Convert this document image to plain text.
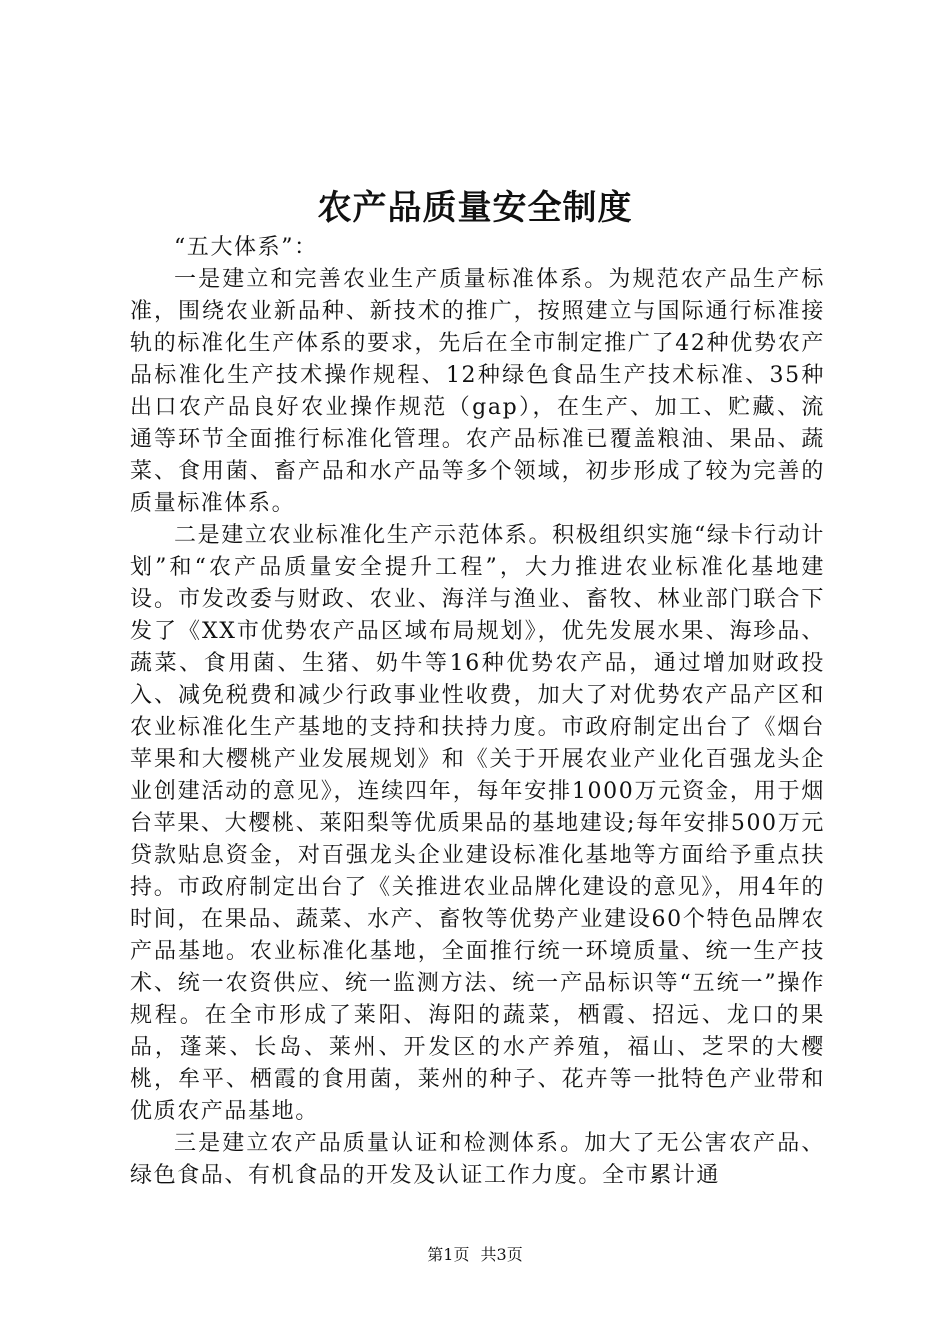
农产品质量安全制度

“五大体系”：

一是建立和完善农业生产质量标准体系。为规范农产品生产标准，围绕农业新品种、新技术的推广，按照建立与国际通行标准接轨的标准化生产体系的要求，先后在全市制定推广了42种优势农产品标准化生产技术操作规程、12种绿色食品生产技术标准、35种出口农产品良好农业操作规范（gap），在生产、加工、贮藏、流通等环节全面推行标准化管理。农产品标准已覆盖粮油、果品、蔬菜、食用菌、畜产品和水产品等多个领域，初步形成了较为完善的质量标准体系。

二是建立农业标准化生产示范体系。积极组织实施“绿卡行动计划”和“农产品质量安全提升工程”，大力推进农业标准化基地建设。市发改委与财政、农业、海洋与渔业、畜牧、林业部门联合下发了《XX市优势农产品区域布局规划》，优先发展水果、海珍品、蔬菜、食用菌、生猪、奶牛等16种优势农产品，通过增加财政投入、减免税费和减少行政事业性收费，加大了对优势农产品产区和农业标准化生产基地的支持和扶持力度。市政府制定出台了《烟台苹果和大樱桃产业发展规划》和《关于开展农业产业化百强龙头企业创建活动的意见》，连续四年，每年安排1000万元资金，用于烟台苹果、大樱桃、莱阳梨等优质果品的基地建设;每年安排500万元贷款贴息资金，对百强龙头企业建设标准化基地等方面给予重点扶持。市政府制定出台了《关推进农业品牌化建设的意见》，用4年的时间，在果品、蔬菜、水产、畜牧等优势产业建设60个特色品牌农产品基地。农业标准化基地，全面推行统一环境质量、统一生产技术、统一农资供应、统一监测方法、统一产品标识等“五统一”操作规程。在全市形成了莱阳、海阳的蔬菜，栖霞、招远、龙口的果品，蓬莱、长岛、莱州、开发区的水产养殖，福山、芝罘的大樱桃，牟平、栖霞的食用菌，莱州的种子、花卉等一批特色产业带和优质农产品基地。

三是建立农产品质量认证和检测体系。加大了无公害农产品、绿色食品、有机食品的开发及认证工作力度。全市累计通

第1页 共3页
